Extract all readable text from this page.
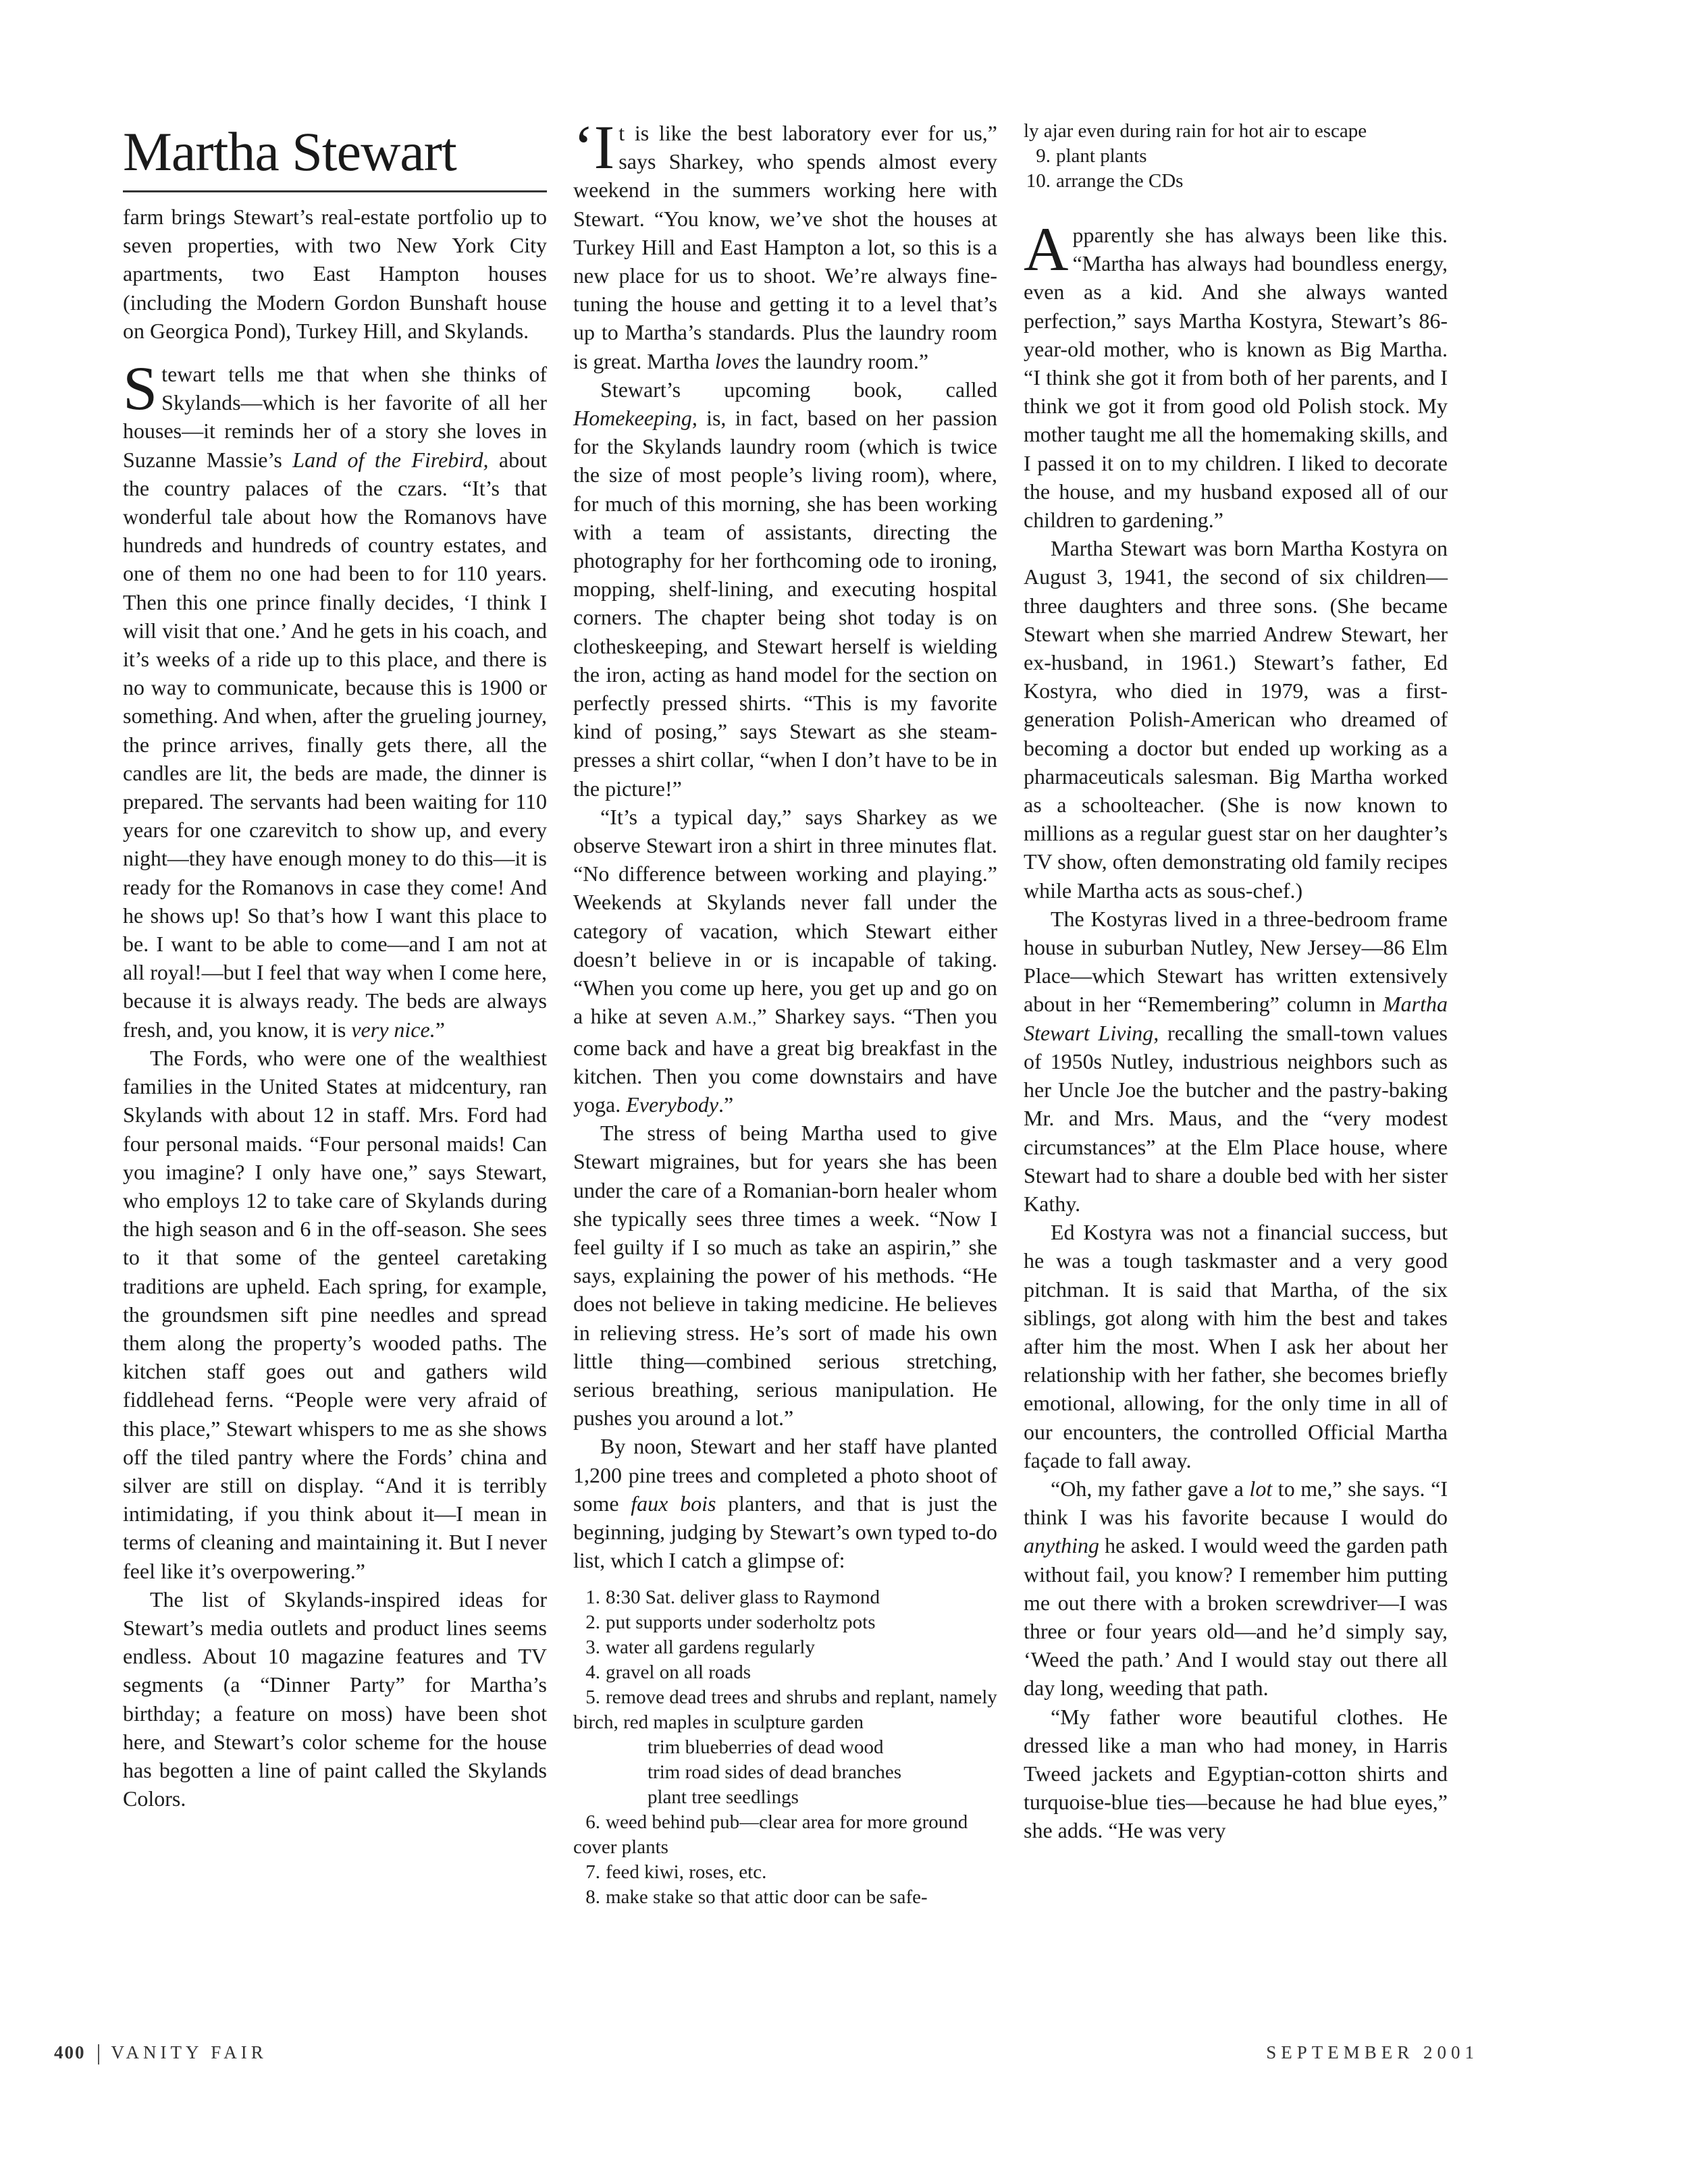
Martha Stewart

farm brings Stewart’s real-estate portfolio up to seven properties, with two New York City apartments, two East Hampton houses (including the Modern Gordon Bunshaft house on Georgica Pond), Turkey Hill, and Skylands.

Stewart tells me that when she thinks of Skylands—which is her favorite of all her houses—it reminds her of a story she loves in Suzanne Massie’s Land of the Firebird, about the country palaces of the czars. “It’s that wonderful tale about how the Romanovs have hundreds and hundreds of country estates, and one of them no one had been to for 110 years. Then this one prince finally decides, ‘I think I will visit that one.’ And he gets in his coach, and it’s weeks of a ride up to this place, and there is no way to communicate, because this is 1900 or something. And when, after the grueling journey, the prince arrives, finally gets there, all the candles are lit, the beds are made, the dinner is prepared. The servants had been waiting for 110 years for one czarevitch to show up, and every night—they have enough money to do this—it is ready for the Romanovs in case they come! And he shows up! So that’s how I want this place to be. I want to be able to come—and I am not at all royal!—but I feel that way when I come here, because it is always ready. The beds are always fresh, and, you know, it is very nice.”

The Fords, who were one of the wealthiest families in the United States at midcentury, ran Skylands with about 12 in staff. Mrs. Ford had four personal maids. “Four personal maids! Can you imagine? I only have one,” says Stewart, who employs 12 to take care of Skylands during the high season and 6 in the off-season. She sees to it that some of the genteel caretaking traditions are upheld. Each spring, for example, the groundsmen sift pine needles and spread them along the property’s wooded paths. The kitchen staff goes out and gathers wild fiddlehead ferns. “People were very afraid of this place,” Stewart whispers to me as she shows off the tiled pantry where the Fords’ china and silver are still on display. “And it is terribly intimidating, if you think about it—I mean in terms of cleaning and maintaining it. But I never feel like it’s overpowering.”

The list of Skylands-inspired ideas for Stewart’s media outlets and product lines seems endless. About 10 magazine features and TV segments (a “Dinner Party” for Martha’s birthday; a feature on moss) have been shot here, and Stewart’s color scheme for the house has begotten a line of paint called the Skylands Colors.

‘It is like the best laboratory ever for us,” says Sharkey, who spends almost every weekend in the summers working here with Stewart. “You know, we’ve shot the houses at Turkey Hill and East Hampton a lot, so this is a new place for us to shoot. We’re always fine-tuning the house and getting it to a level that’s up to Martha’s standards. Plus the laundry room is great. Martha loves the laundry room.”

Stewart’s upcoming book, called Homekeeping, is, in fact, based on her passion for the Skylands laundry room (which is twice the size of most people’s living room), where, for much of this morning, she has been working with a team of assistants, directing the photography for her forthcoming ode to ironing, mopping, shelf-lining, and executing hospital corners. The chapter being shot today is on clotheskeeping, and Stewart herself is wielding the iron, acting as hand model for the section on perfectly pressed shirts. “This is my favorite kind of posing,” says Stewart as she steam-presses a shirt collar, “when I don’t have to be in the picture!”

“It’s a typical day,” says Sharkey as we observe Stewart iron a shirt in three minutes flat. “No difference between working and playing.” Weekends at Skylands never fall under the category of vacation, which Stewart either doesn’t believe in or is incapable of taking. “When you come up here, you get up and go on a hike at seven A.M.,” Sharkey says. “Then you come back and have a great big breakfast in the kitchen. Then you come downstairs and have yoga. Everybody.”

The stress of being Martha used to give Stewart migraines, but for years she has been under the care of a Romanian-born healer whom she typically sees three times a week. “Now I feel guilty if I so much as take an aspirin,” she says, explaining the power of his methods. “He does not believe in taking medicine. He believes in relieving stress. He’s sort of made his own little thing—combined serious stretching, serious breathing, serious manipulation. He pushes you around a lot.”

By noon, Stewart and her staff have planted 1,200 pine trees and completed a photo shoot of some faux bois planters, and that is just the beginning, judging by Stewart’s own typed to-do list, which I catch a glimpse of:

1. 8:30 Sat. deliver glass to Raymond
2. put supports under soderholtz pots
3. water all gardens regularly
4. gravel on all roads
5. remove dead trees and shrubs and replant, namely birch, red maples in sculpture garden
trim blueberries of dead wood
trim road sides of dead branches
plant tree seedlings
6. weed behind pub—clear area for more ground cover plants
7. feed kiwi, roses, etc.
8. make stake so that attic door can be safe-
ly ajar even during rain for hot air to escape
9. plant plants
10. arrange the CDs

Apparently she has always been like this. “Martha has always had boundless energy, even as a kid. And she always wanted perfection,” says Martha Kostyra, Stewart’s 86-year-old mother, who is known as Big Martha. “I think she got it from both of her parents, and I think we got it from good old Polish stock. My mother taught me all the homemaking skills, and I passed it on to my children. I liked to decorate the house, and my husband exposed all of our children to gardening.”

Martha Stewart was born Martha Kostyra on August 3, 1941, the second of six children—three daughters and three sons. (She became Stewart when she married Andrew Stewart, her ex-husband, in 1961.) Stewart’s father, Ed Kostyra, who died in 1979, was a first-generation Polish-American who dreamed of becoming a doctor but ended up working as a pharmaceuticals salesman. Big Martha worked as a schoolteacher. (She is now known to millions as a regular guest star on her daughter’s TV show, often demonstrating old family recipes while Martha acts as sous-chef.)

The Kostyras lived in a three-bedroom frame house in suburban Nutley, New Jersey—86 Elm Place—which Stewart has written extensively about in her “Remembering” column in Martha Stewart Living, recalling the small-town values of 1950s Nutley, industrious neighbors such as her Uncle Joe the butcher and the pastry-baking Mr. and Mrs. Maus, and the “very modest circumstances” at the Elm Place house, where Stewart had to share a double bed with her sister Kathy.

Ed Kostyra was not a financial success, but he was a tough taskmaster and a very good pitchman. It is said that Martha, of the six siblings, got along with him the best and takes after him the most. When I ask her about her relationship with her father, she becomes briefly emotional, allowing, for the only time in all of our encounters, the controlled Official Martha façade to fall away.

“Oh, my father gave a lot to me,” she says. “I think I was his favorite because I would do anything he asked. I would weed the garden path without fail, you know? I remember him putting me out there with a broken screwdriver—I was three or four years old—and he’d simply say, ‘Weed the path.’ And I would stay out there all day long, weeding that path.

“My father wore beautiful clothes. He dressed like a man who had money, in Harris Tweed jackets and Egyptian-cotton shirts and turquoise-blue ties—because he had blue eyes,” she adds. “He was very

400 VANITY FAIR	SEPTEMBER 2001
